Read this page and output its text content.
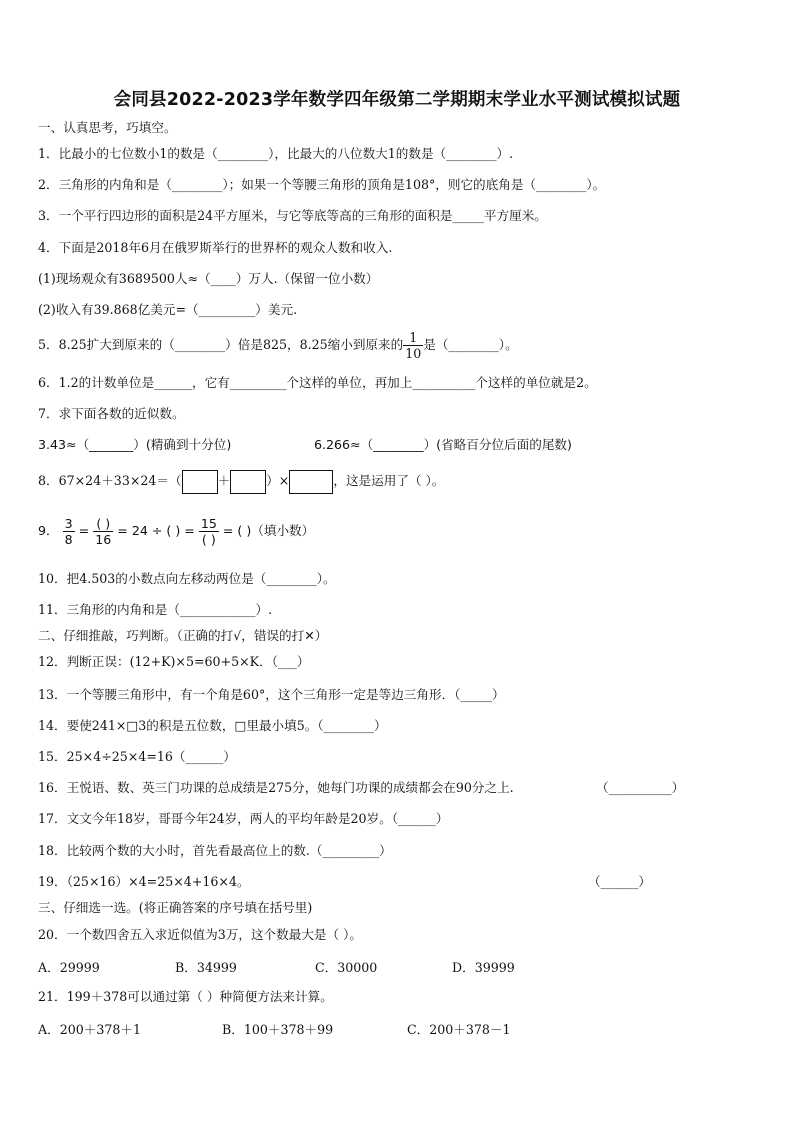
会同县2022-2023学年数学四年级第二学期期末学业水平测试模拟试题
一、认真思考，巧填空。
1．比最小的七位数小1的数是（________），比最大的八位数大1的数是（________）.
2．三角形的内角和是（________）；如果一个等腰三角形的顶角是108°，则它的底角是（________）。
3．一个平行四边形的面积是24平方厘米，与它等底等高的三角形的面积是_____平方厘米。
4．下面是2018年6月在俄罗斯举行的世界杯的观众人数和收入.
(1)现场观众有3689500人≈（____）万人.（保留一位小数）
(2)收入有39.868亿美元=（_________）美元.
5．8.25扩大到原来的（________）倍是825，8.25缩小到原来的 $\frac{1}{10}$ 是（________）。
6．1.2的计数单位是______，它有_________个这样的单位，再加上__________个这样的单位就是2。
7．求下面各数的近似数。
3.43≈（_______）(精确到十分位)	6.266≈（________）(省略百分位后面的尾数)
8．67×24＋33×24＝（	＋	）×	，这是运用了（ ）。
9． $\frac{3}{8} = \frac{( )}{16} = 24$ ÷ ( ) = $\frac{15}{( )}$ = ( )（填小数）
10．把4.503的小数点向左移动两位是（________）。
11．三角形的内角和是（____________）.
二、仔细推敲，巧判断。（正确的打√，错误的打✕）
12．判断正误：(12+K)×5=60+5×K．（___）
13．一个等腰三角形中，有一个角是60°，这个三角形一定是等边三角形．（_____）
14．要使241×□3的积是五位数，□里最小填5。（________）
15．25×4÷25×4=16（______）
16．王悦语、数、英三门功课的总成绩是275分，她每门功课的成绩都会在90分之上.	（__________）
17．文文今年18岁，哥哥今年24岁，两人的平均年龄是20岁。（______）
18．比较两个数的大小时，首先看最高位上的数.（_________）
19．（25×16）×4=25×4+16×4。	（______）
三、仔细选一选。(将正确答案的序号填在括号里)
20．一个数四舍五入求近似值为3万，这个数最大是（ ）。
A．29999	B．34999	C．30000	D．39999
21．199＋378可以通过第（ ）种简便方法来计算。
A．200＋378＋1	B．100＋378＋99	C．200＋378－1
